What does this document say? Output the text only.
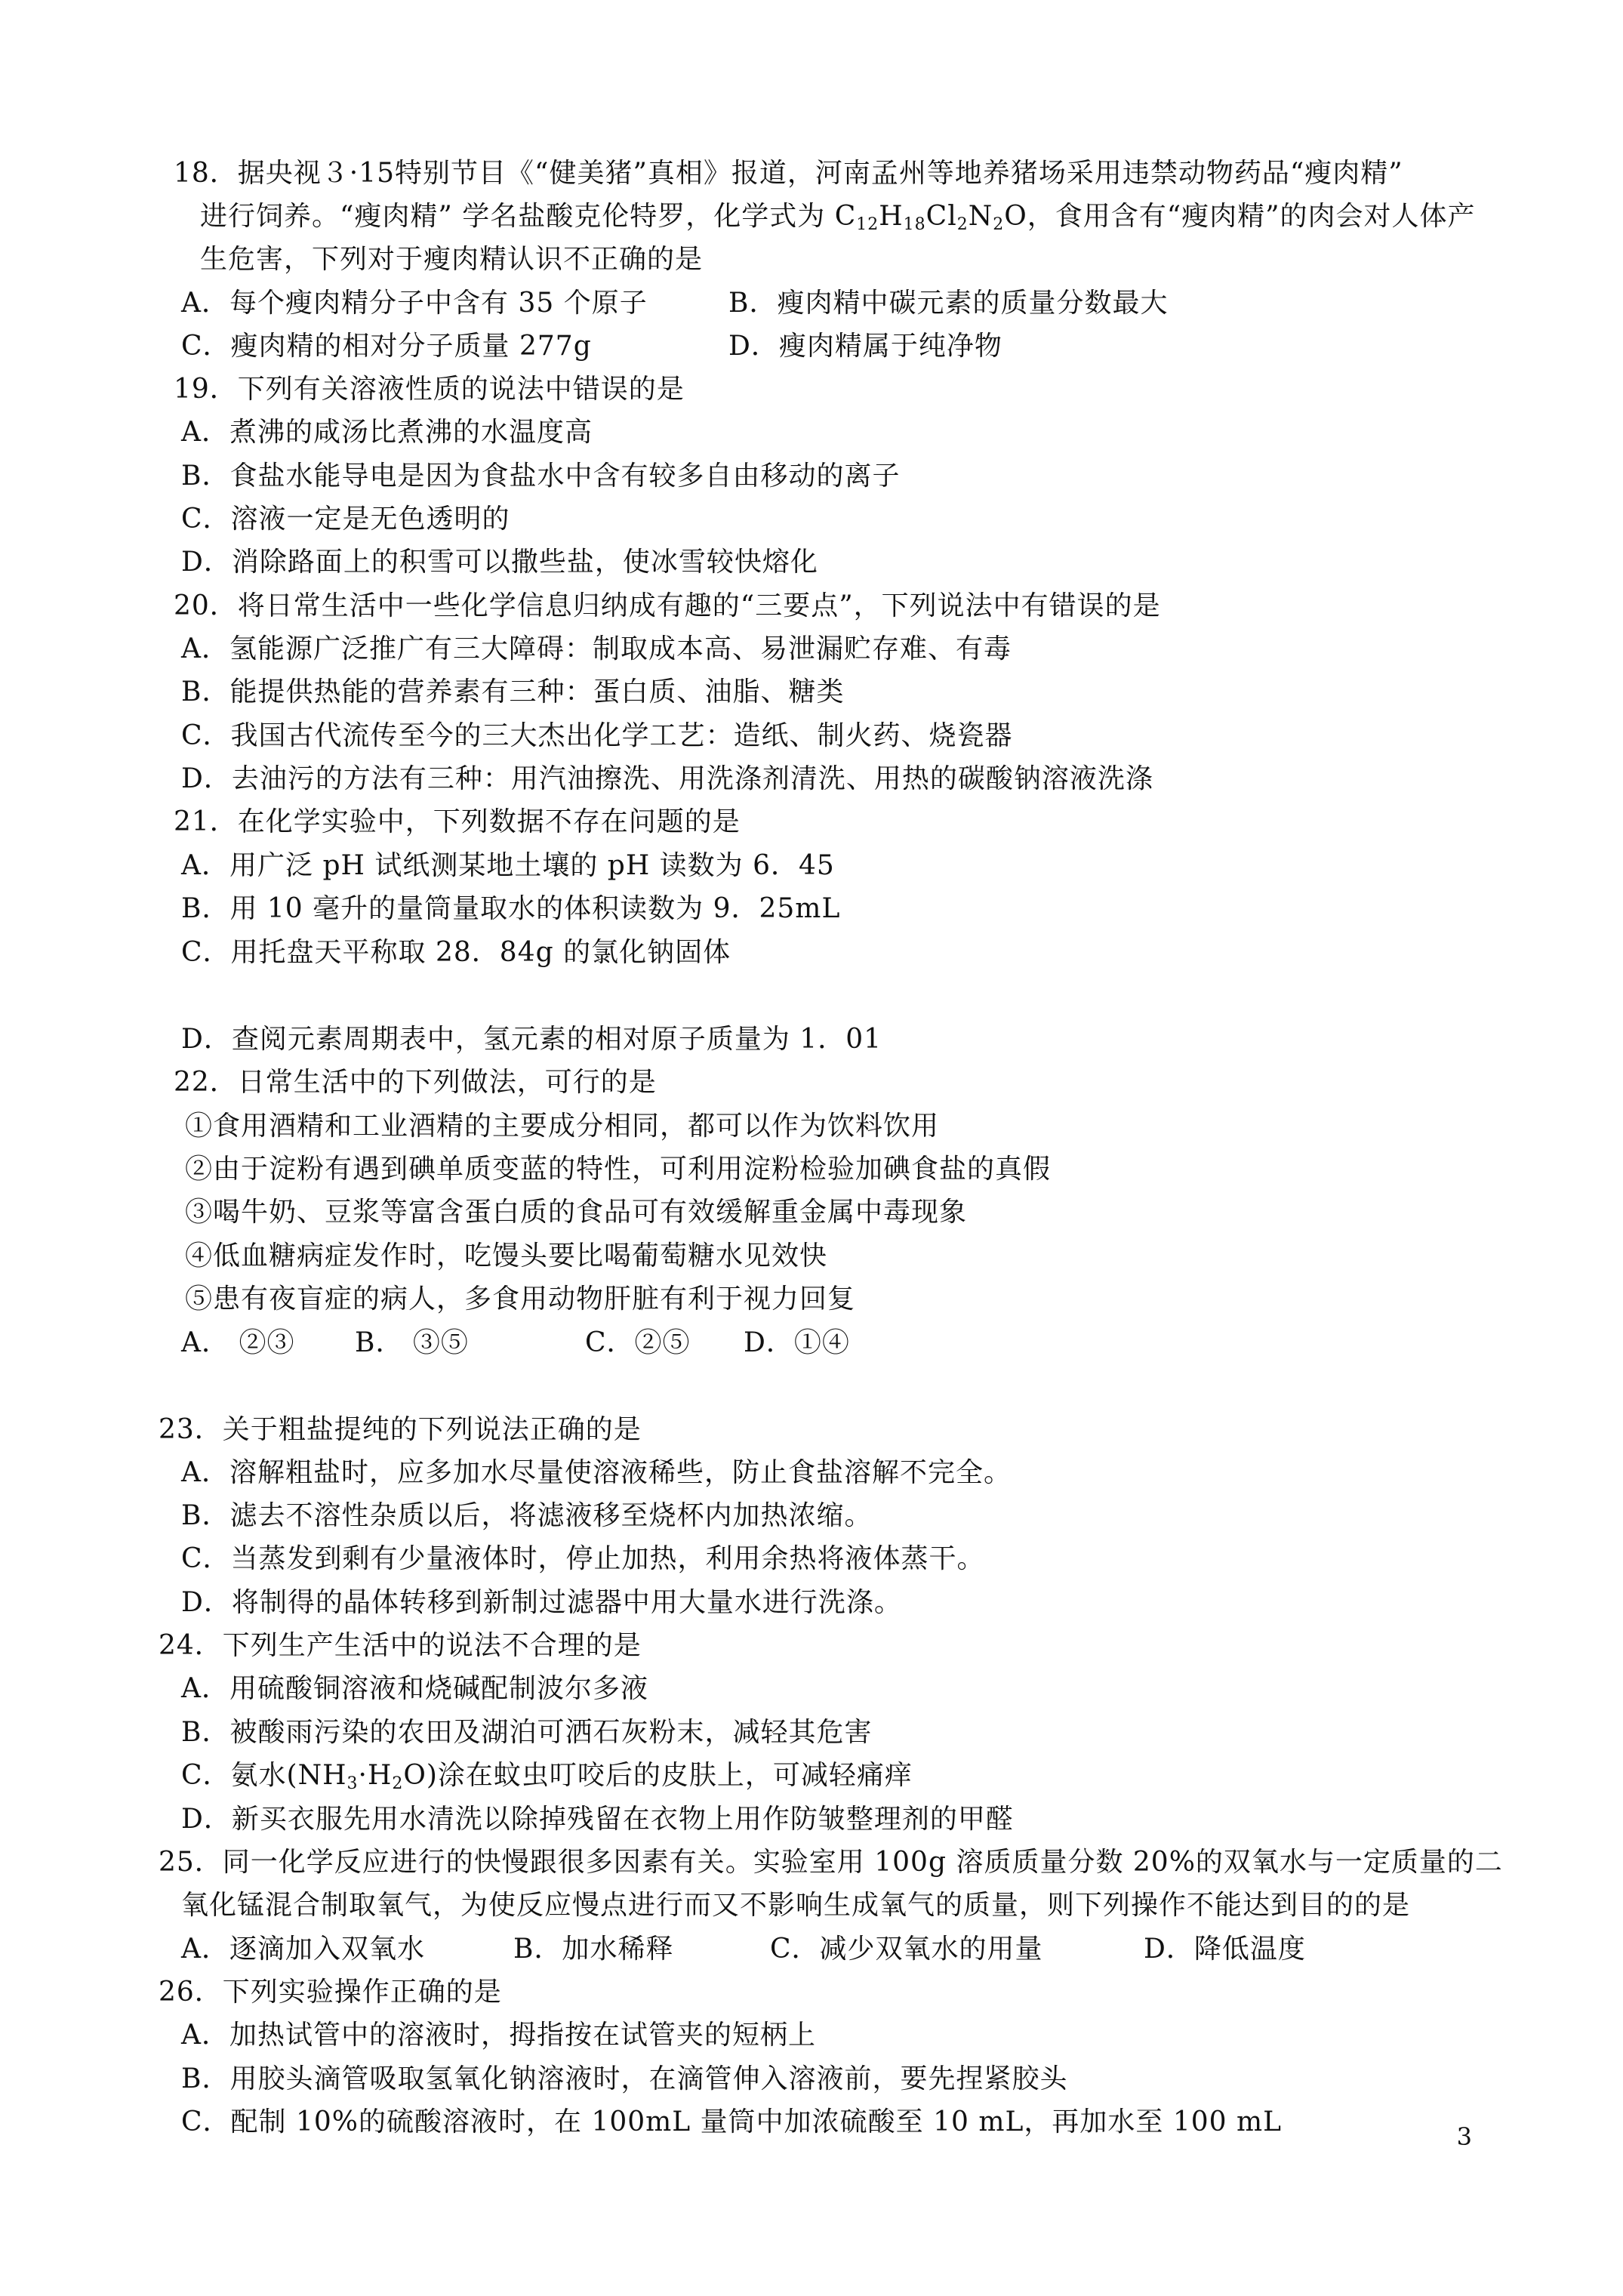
18．据央视３·15特别节目《“健美猪”真相》报道，河南孟州等地养猪场采用违禁动物药品“瘦肉精”
进行饲养。“瘦肉精” 学名盐酸克伦特罗，化学式为 $C_{12}H_{18}Cl_2N_2O$，食用含有“瘦肉精”的肉会对人体产
生危害，下列对于瘦肉精认识不正确的是
A．每个瘦肉精分子中含有 35 个原子	B．瘦肉精中碳元素的质量分数最大
C．瘦肉精的相对分子质量 277g	D．瘦肉精属于纯净物
19．下列有关溶液性质的说法中错误的是
A．煮沸的咸汤比煮沸的水温度高
B．食盐水能导电是因为食盐水中含有较多自由移动的离子
C．溶液一定是无色透明的
D．消除路面上的积雪可以撒些盐，使冰雪较快熔化
20．将日常生活中一些化学信息归纳成有趣的“三要点”，下列说法中有错误的是
A．氢能源广泛推广有三大障碍：制取成本高、易泄漏贮存难、有毒
B．能提供热能的营养素有三种：蛋白质、油脂、糖类
C．我国古代流传至今的三大杰出化学工艺：造纸、制火药、烧瓷器
D．去油污的方法有三种：用汽油擦洗、用洗涤剂清洗、用热的碳酸钠溶液洗涤
21．在化学实验中，下列数据不存在问题的是
A．用广泛 pH 试纸测某地土壤的 pH 读数为 6．45
B．用 10 毫升的量筒量取水的体积读数为 9．25mL
C．用托盘天平称取 28．84g 的氯化钠固体
D．查阅元素周期表中，氢元素的相对原子质量为 1．01
22．日常生活中的下列做法，可行的是
①食用酒精和工业酒精的主要成分相同，都可以作为饮料饮用
②由于淀粉有遇到碘单质变蓝的特性，可利用淀粉检验加碘食盐的真假
③喝牛奶、豆浆等富含蛋白质的食品可有效缓解重金属中毒现象
④低血糖病症发作时，吃馒头要比喝葡萄糖水见效快
⑤患有夜盲症的病人，多食用动物肝脏有利于视力回复
A． ②③ B． ③⑤	C．②⑤ D．①④
23．关于粗盐提纯的下列说法正确的是
A．溶解粗盐时，应多加水尽量使溶液稀些，防止食盐溶解不完全。
B．滤去不溶性杂质以后，将滤液移至烧杯内加热浓缩。
C．当蒸发到剩有少量液体时，停止加热，利用余热将液体蒸干。
D．将制得的晶体转移到新制过滤器中用大量水进行洗涤。
24．下列生产生活中的说法不合理的是
A．用硫酸铜溶液和烧碱配制波尔多液
B．被酸雨污染的农田及湖泊可洒石灰粉末，减轻其危害
C．氨水$(NH_3\cdot H_2O)$涂在蚊虫叮咬后的皮肤上，可减轻痛痒
D．新买衣服先用水清洗以除掉残留在衣物上用作防皱整理剂的甲醛
25．同一化学反应进行的快慢跟很多因素有关。实验室用 100g 溶质质量分数 20%的双氧水与一定质量的二
氧化锰混合制取氧气，为使反应慢点进行而又不影响生成氧气的质量，则下列操作不能达到目的的是
A．逐滴加入双氧水	B．加水稀释	C．减少双氧水的用量	D．降低温度
26．下列实验操作正确的是
A．加热试管中的溶液时，拇指按在试管夹的短柄上
B．用胶头滴管吸取氢氧化钠溶液时，在滴管伸入溶液前，要先捏紧胶头
C．配制 10%的硫酸溶液时，在 100mL 量筒中加浓硫酸至 10 mL，再加水至 100 mL	3
